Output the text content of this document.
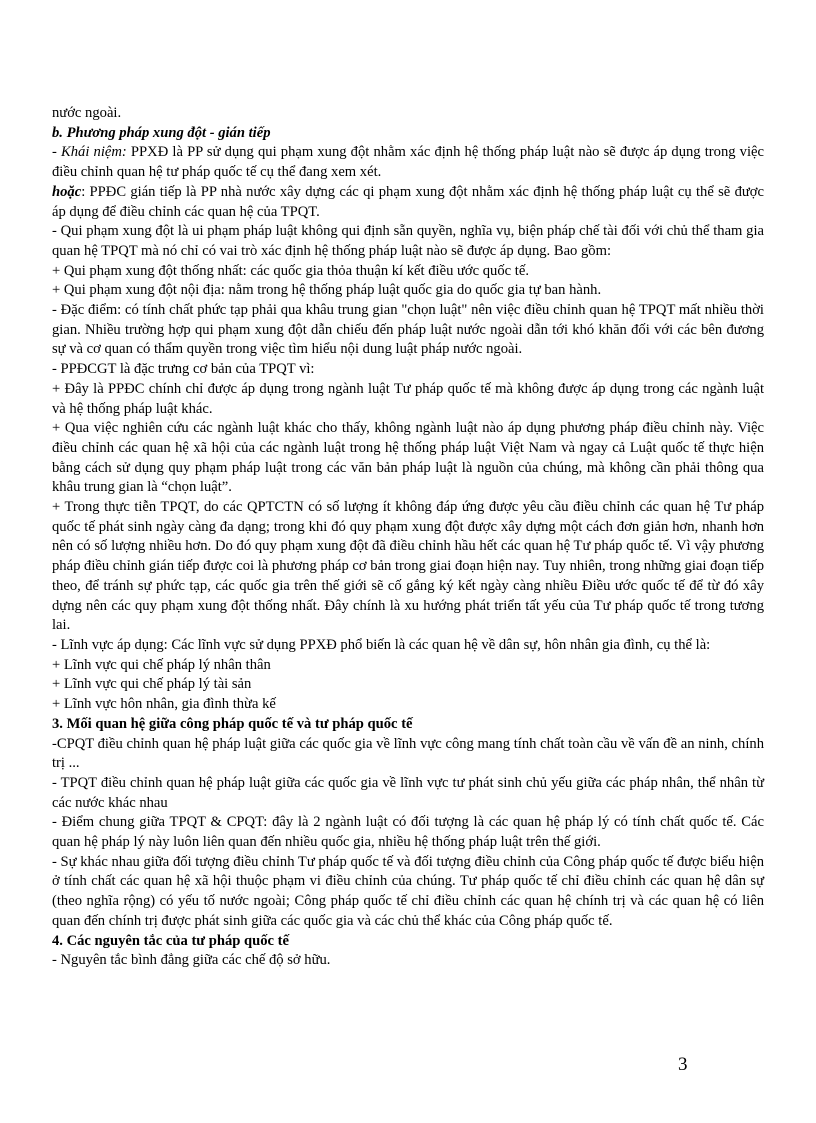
nước ngoài.

b. Phương pháp xung đột - gián tiếp

- Khái niệm: PPXĐ là PP sử dụng qui phạm xung đột nhằm xác định hệ thống pháp luật nào sẽ được áp dụng trong việc điều chỉnh quan hệ tư pháp quốc tế cụ thể đang xem xét.

hoặc: PPĐC gián tiếp là PP nhà nước xây dựng các qi phạm xung đột nhằm xác định hệ thống pháp luật cụ thể sẽ được áp dụng để điều chỉnh các quan hệ của TPQT.

- Qui phạm xung đột là ui phạm pháp luật không qui định sẵn quyền, nghĩa vụ, biện pháp chế tài đối với chủ thể tham gia quan hệ TPQT mà nó chỉ có vai trò xác định hệ thống pháp luật nào sẽ được áp dụng. Bao gồm:

+ Qui phạm xung đột thống nhất: các quốc gia thỏa thuận kí kết điều ước quốc tế.

+ Qui phạm xung đột nội địa: nằm trong hệ thống pháp luật quốc gia do quốc gia tự ban hành.

- Đặc điểm: có tính chất phức tạp phải qua khâu trung gian "chọn luật" nên việc điều chỉnh quan hệ TPQT mất nhiều thời gian. Nhiều trường hợp qui phạm xung đột dẫn chiếu đến pháp luật nước ngoài dẫn tới khó khăn đối với các bên đương sự và cơ quan có thẩm quyền trong việc tìm hiểu nội dung luật pháp nước ngoài.

- PPĐCGT là đặc trưng cơ bản của TPQT vì:

+ Đây là PPĐC chính chỉ được áp dụng trong ngành luật Tư pháp quốc tế mà không được áp dụng trong các ngành luật và hệ thống pháp luật khác.

+ Qua việc nghiên cứu các ngành luật khác cho thấy, không ngành luật nào áp dụng phương pháp điều chỉnh này. Việc điều chỉnh các quan hệ xã hội của các ngành luật trong hệ thống pháp luật Việt Nam và ngay cả Luật quốc tế thực hiện bằng cách sử dụng quy phạm pháp luật trong các văn bản pháp luật là nguồn của chúng, mà không cần phải thông qua khâu trung gian là “chọn luật”.

+ Trong thực tiễn TPQT, do các QPTCTN có số lượng ít không đáp ứng được yêu cầu điều chỉnh các quan hệ Tư pháp quốc tế phát sinh ngày càng đa dạng; trong khi đó quy phạm xung đột được xây dựng một cách đơn giản hơn, nhanh hơn nên có số lượng nhiều hơn. Do đó quy phạm xung đột đã điều chỉnh hầu hết các quan hệ Tư pháp quốc tế. Vì vậy phương pháp điều chỉnh gián tiếp được coi là phương pháp cơ bản trong giai đoạn hiện nay. Tuy nhiên, trong những giai đoạn tiếp theo, để tránh sự phức tạp, các quốc gia trên thế giới sẽ cố gắng ký kết ngày càng nhiều Điều ước quốc tế để từ đó xây dựng nên các quy phạm xung đột thống nhất. Đây chính là xu hướng phát triển tất yếu của Tư pháp quốc tế trong tương lai.

- Lĩnh vực áp dụng: Các lĩnh vực sử dụng PPXĐ phổ biến là các quan hệ về dân sự, hôn nhân gia đình, cụ thể là:

+ Lĩnh vực qui chế pháp lý nhân thân

+ Lĩnh vực qui chế pháp lý tài sản

+ Lĩnh vực hôn nhân, gia đình thừa kế

3. Mối quan hệ giữa công pháp quốc tế và tư pháp quốc tế

-CPQT điều chỉnh quan hệ pháp luật giữa các quốc gia về lĩnh vực công mang tính chất toàn cầu về vấn đề an ninh, chính trị ...

- TPQT điều chỉnh quan hệ pháp luật giữa các quốc gia về lĩnh vực tư phát sinh chủ yếu giữa các pháp nhân, thể nhân từ các nước khác nhau

- Điểm chung giữa TPQT & CPQT: đây là 2 ngành luật có đối tượng là các quan hệ pháp lý có tính chất quốc tế. Các quan hệ pháp lý này luôn liên quan đến nhiều quốc gia, nhiều hệ thống pháp luật trên thế giới.

- Sự khác nhau giữa đối tượng điều chỉnh Tư pháp quốc tế và đối tượng điều chỉnh của Công pháp quốc tế được biểu hiện ở tính chất các quan hệ xã hội thuộc phạm vi điều chỉnh của chúng. Tư pháp quốc tế chỉ điều chỉnh các quan hệ dân sự (theo nghĩa rộng) có yếu tố nước ngoài; Công pháp quốc tế chỉ điều chỉnh các quan hệ chính trị và các quan hệ có liên quan đến chính trị được phát sinh giữa các quốc gia và các chủ thể khác của Công pháp quốc tế.

4. Các nguyên tắc của tư pháp quốc tế

- Nguyên tắc bình đẳng giữa các chế độ sở hữu.

3
